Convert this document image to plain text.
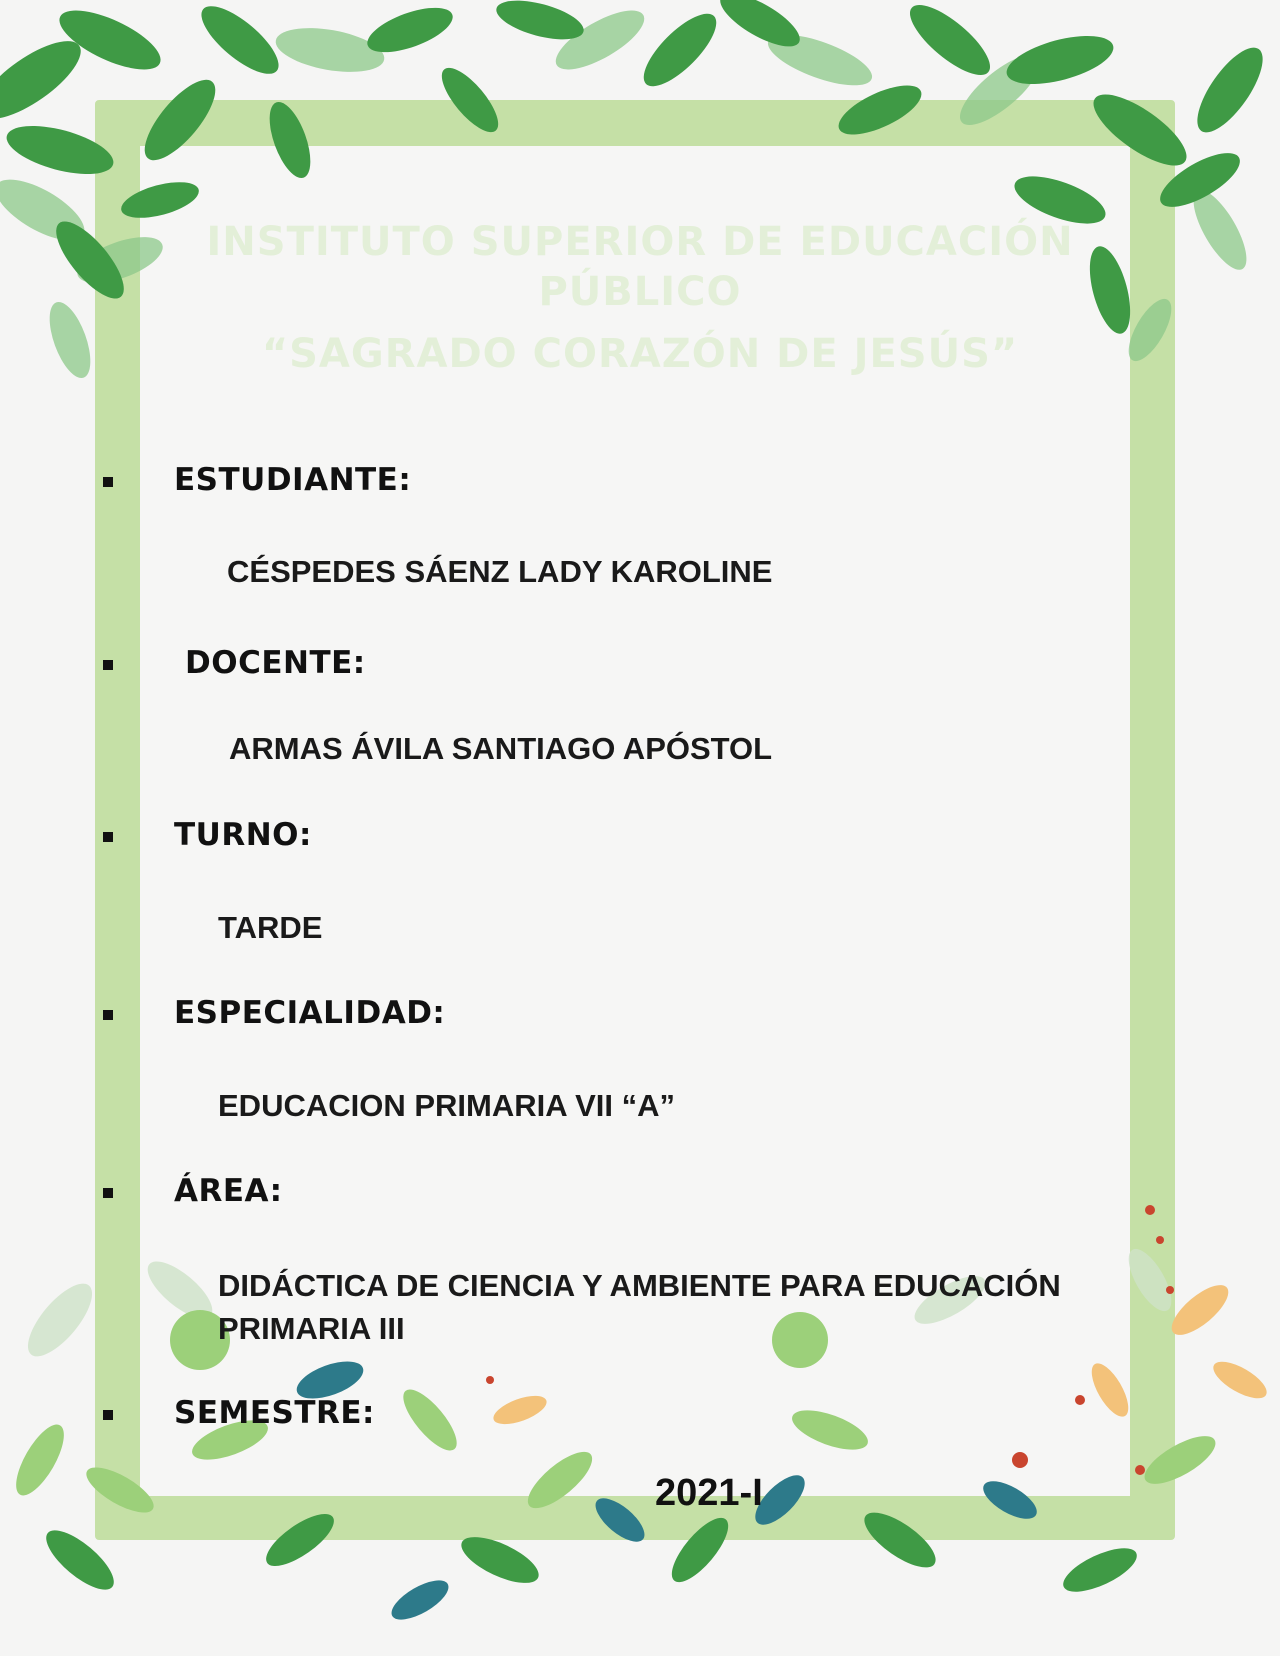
INSTITUTO SUPERIOR DE EDUCACIÓN
PÚBLICO
“SAGRADO CORAZÓN DE JESÚS”
ESTUDIANTE:
CÉSPEDES SÁENZ LADY KAROLINE
DOCENTE:
ARMAS ÁVILA SANTIAGO APÓSTOL
TURNO:
TARDE
ESPECIALIDAD:
EDUCACION PRIMARIA VII “A”
ÁREA:
DIDÁCTICA DE CIENCIA Y AMBIENTE PARA EDUCACIÓN
PRIMARIA III
SEMESTRE:
2021-I
